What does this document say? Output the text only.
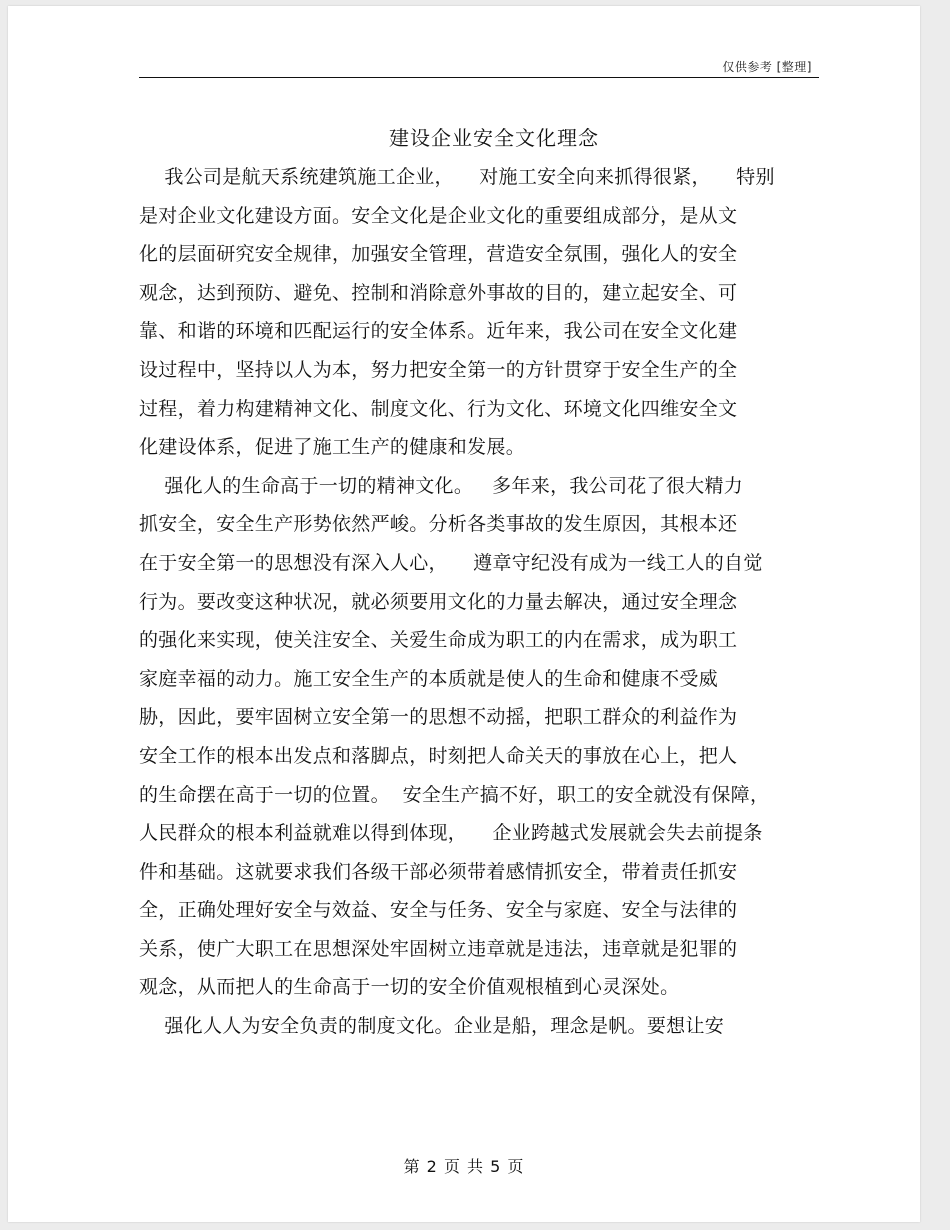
仅供参考 [整理]
建设企业安全文化理念
我公司是航天系统建筑施工企业，    对施工安全向来抓得很紧，    特别
是对企业文化建设方面。安全文化是企业文化的重要组成部分，是从文
化的层面研究安全规律，加强安全管理，营造安全氛围，强化人的安全
观念，达到预防、避免、控制和消除意外事故的目的，建立起安全、可
靠、和谐的环境和匹配运行的安全体系。近年来，我公司在安全文化建
设过程中，坚持以人为本，努力把安全第一的方针贯穿于安全生产的全
过程，着力构建精神文化、制度文化、行为文化、环境文化四维安全文
化建设体系，促进了施工生产的健康和发展。
强化人的生命高于一切的精神文化。   多年来，我公司花了很大精力
抓安全，安全生产形势依然严峻。分析各类事故的发生原因，其根本还
在于安全第一的思想没有深入人心，    遵章守纪没有成为一线工人的自觉
行为。要改变这种状况，就必须要用文化的力量去解决，通过安全理念
的强化来实现，使关注安全、关爱生命成为职工的内在需求，成为职工
家庭幸福的动力。施工安全生产的本质就是使人的生命和健康不受威
胁，因此，要牢固树立安全第一的思想不动摇，把职工群众的利益作为
安全工作的根本出发点和落脚点，时刻把人命关天的事放在心上，把人
的生命摆在高于一切的位置。  安全生产搞不好，职工的安全就没有保障，
人民群众的根本利益就难以得到体现，    企业跨越式发展就会失去前提条
件和基础。这就要求我们各级干部必须带着感情抓安全，带着责任抓安
全，正确处理好安全与效益、安全与任务、安全与家庭、安全与法律的
关系，使广大职工在思想深处牢固树立违章就是违法，违章就是犯罪的
观念，从而把人的生命高于一切的安全价值观根植到心灵深处。
强化人人为安全负责的制度文化。企业是船，理念是帆。要想让安
第 2 页 共 5 页
